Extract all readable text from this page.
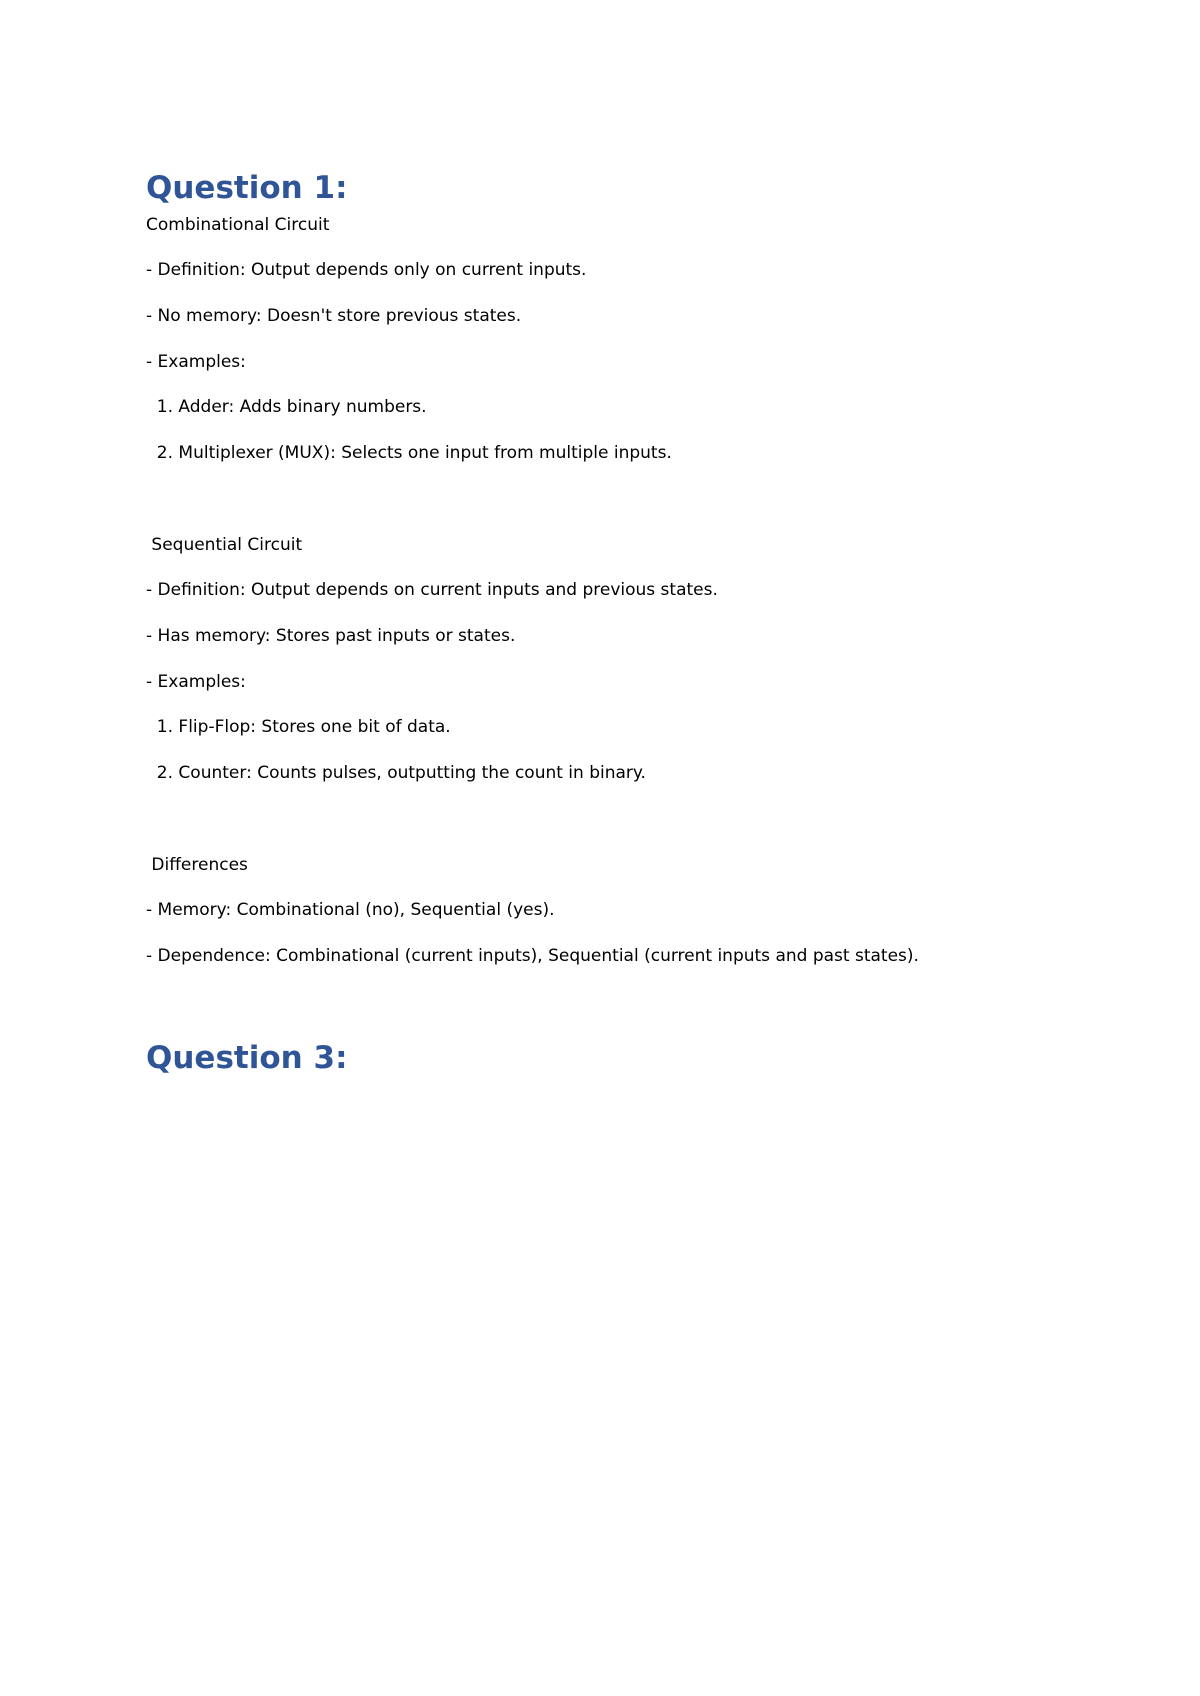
Question 1:

Combinational Circuit

- Definition: Output depends only on current inputs.

- No memory: Doesn't store previous states.

- Examples:

1. Adder: Adds binary numbers.

2. Multiplexer (MUX): Selects one input from multiple inputs.

Sequential Circuit

- Definition: Output depends on current inputs and previous states.

- Has memory: Stores past inputs or states.

- Examples:

1. Flip-Flop: Stores one bit of data.

2. Counter: Counts pulses, outputting the count in binary.

Differences

- Memory: Combinational (no), Sequential (yes).

- Dependence: Combinational (current inputs), Sequential (current inputs and past states).

Question 3:
